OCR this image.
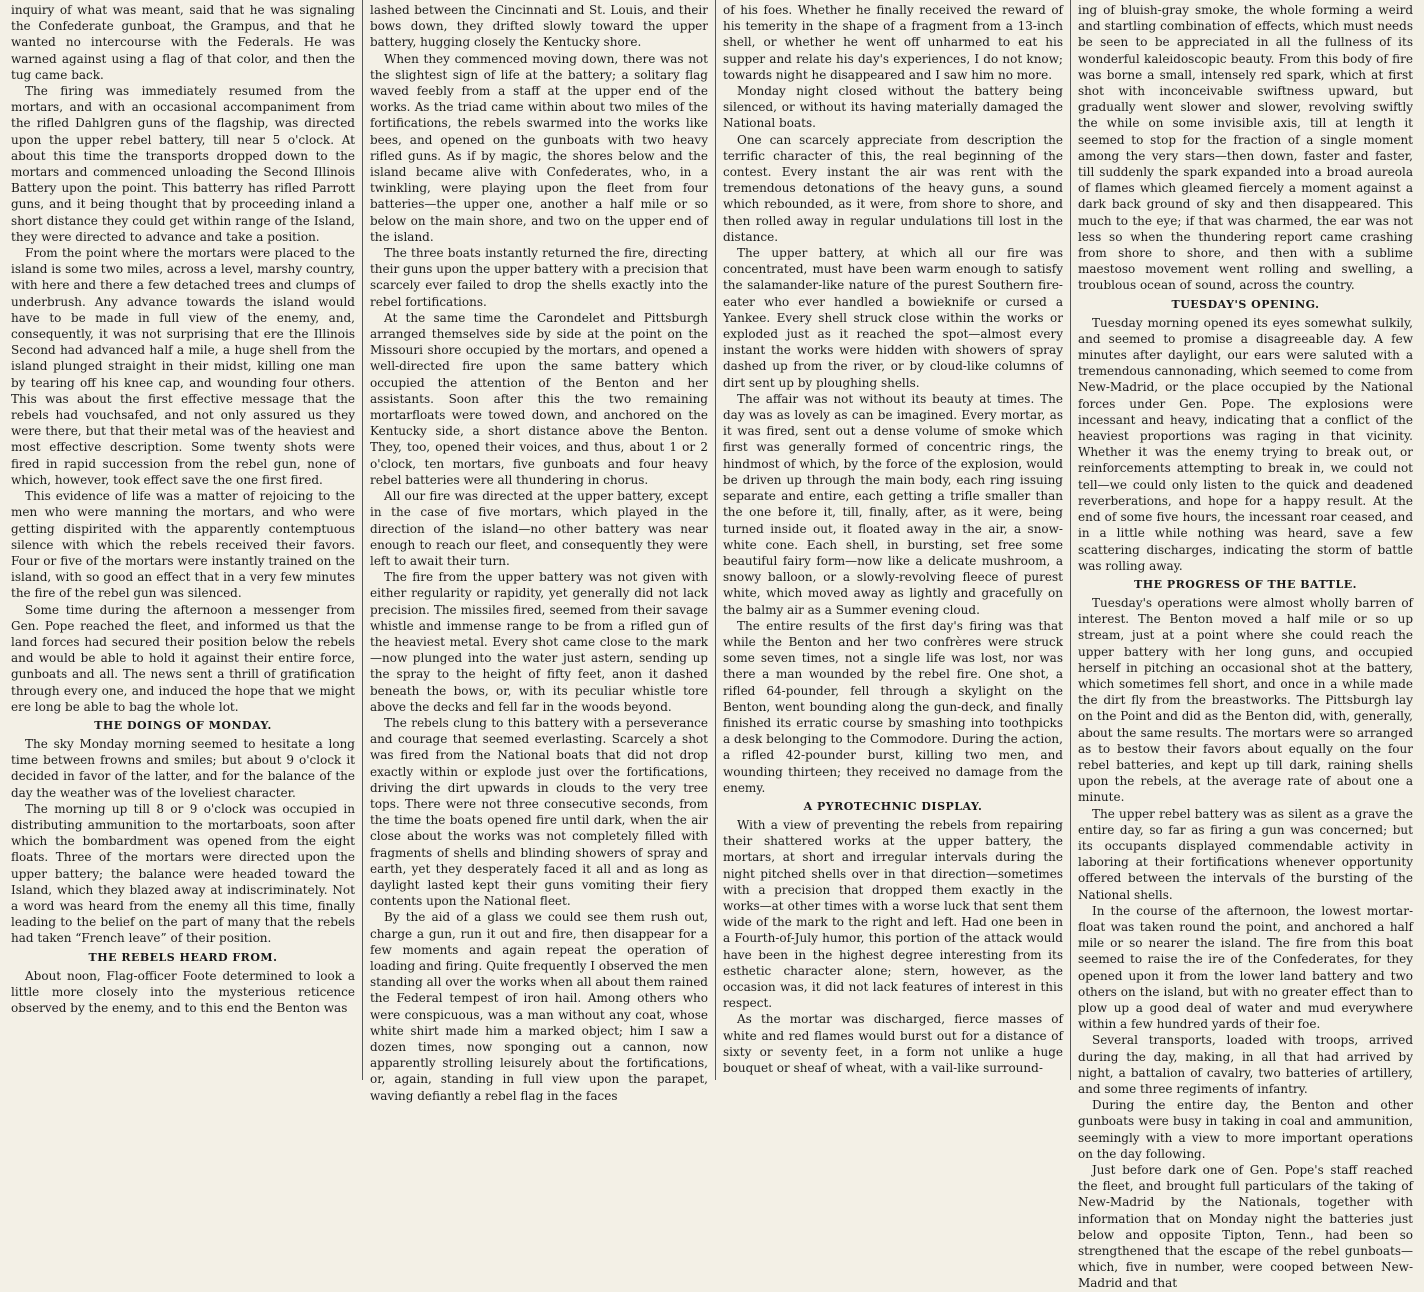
inquiry of what was meant, said that he was signaling the Confederate gunboat, the Grampus, and that he wanted no intercourse with the Federals. He was warned against using a flag of that color, and then the tug came back.

The firing was immediately resumed from the mortars, and with an occasional accompaniment from the rifled Dahlgren guns of the flagship, was directed upon the upper rebel battery, till near 5 o'clock. At about this time the transports dropped down to the mortars and commenced unloading the Second Illinois Battery upon the point. This batterry has rifled Parrott guns, and it being thought that by proceeding inland a short distance they could get within range of the Island, they were directed to advance and take a position.

From the point where the mortars were placed to the island is some two miles, across a level, marshy country, with here and there a few detached trees and clumps of underbrush. Any advance towards the island would have to be made in full view of the enemy, and, consequently, it was not surprising that ere the Illinois Second had advanced half a mile, a huge shell from the island plunged straight in their midst, killing one man by tearing off his knee cap, and wounding four others. This was about the first effective message that the rebels had vouchsafed, and not only assured us they were there, but that their metal was of the heaviest and most effective description. Some twenty shots were fired in rapid succession from the rebel gun, none of which, however, took effect save the one first fired.

This evidence of life was a matter of rejoicing to the men who were manning the mortars, and who were getting dispirited with the apparently contemptuous silence with which the rebels received their favors. Four or five of the mortars were instantly trained on the island, with so good an effect that in a very few minutes the fire of the rebel gun was silenced.

Some time during the afternoon a messenger from Gen. Pope reached the fleet, and informed us that the land forces had secured their position below the rebels and would be able to hold it against their entire force, gunboats and all. The news sent a thrill of gratification through every one, and induced the hope that we might ere long be able to bag the whole lot.

THE DOINGS OF MONDAY.

The sky Monday morning seemed to hesitate a long time between frowns and smiles; but about 9 o'clock it decided in favor of the latter, and for the balance of the day the weather was of the loveliest character.

The morning up till 8 or 9 o'clock was occupied in distributing ammunition to the mortarboats, soon after which the bombardment was opened from the eight floats. Three of the mortars were directed upon the upper battery; the balance were headed toward the Island, which they blazed away at indiscriminately. Not a word was heard from the enemy all this time, finally leading to the belief on the part of many that the rebels had taken “French leave” of their position.

THE REBELS HEARD FROM.

About noon, Flag-officer Foote determined to look a little more closely into the mysterious reticence observed by the enemy, and to this end the Benton was

lashed between the Cincinnati and St. Louis, and their bows down, they drifted slowly toward the upper battery, hugging closely the Kentucky shore.

When they commenced moving down, there was not the slightest sign of life at the battery; a solitary flag waved feebly from a staff at the upper end of the works. As the triad came within about two miles of the fortifications, the rebels swarmed into the works like bees, and opened on the gunboats with two heavy rifled guns. As if by magic, the shores below and the island became alive with Confederates, who, in a twinkling, were playing upon the fleet from four batteries—the upper one, another a half mile or so below on the main shore, and two on the upper end of the island.

The three boats instantly returned the fire, directing their guns upon the upper battery with a precision that scarcely ever failed to drop the shells exactly into the rebel fortifications.

At the same time the Carondelet and Pittsburgh arranged themselves side by side at the point on the Missouri shore occupied by the mortars, and opened a well-directed fire upon the same battery which occupied the attention of the Benton and her assistants. Soon after this the two remaining mortarfloats were towed down, and anchored on the Kentucky side, a short distance above the Benton. They, too, opened their voices, and thus, about 1 or 2 o'clock, ten mortars, five gunboats and four heavy rebel batteries were all thundering in chorus.

All our fire was directed at the upper battery, except in the case of five mortars, which played in the direction of the island—no other battery was near enough to reach our fleet, and consequently they were left to await their turn.

The fire from the upper battery was not given with either regularity or rapidity, yet generally did not lack precision. The missiles fired, seemed from their savage whistle and immense range to be from a rifled gun of the heaviest metal. Every shot came close to the mark—now plunged into the water just astern, sending up the spray to the height of fifty feet, anon it dashed beneath the bows, or, with its peculiar whistle tore above the decks and fell far in the woods beyond.

The rebels clung to this battery with a perseverance and courage that seemed everlasting. Scarcely a shot was fired from the National boats that did not drop exactly within or explode just over the fortifications, driving the dirt upwards in clouds to the very tree tops. There were not three consecutive seconds, from the time the boats opened fire until dark, when the air close about the works was not completely filled with fragments of shells and blinding showers of spray and earth, yet they desperately faced it all and as long as daylight lasted kept their guns vomiting their fiery contents upon the National fleet.

By the aid of a glass we could see them rush out, charge a gun, run it out and fire, then disappear for a few moments and again repeat the operation of loading and firing. Quite frequently I observed the men standing all over the works when all about them rained the Federal tempest of iron hail. Among others who were conspicuous, was a man without any coat, whose white shirt made him a marked object; him I saw a dozen times, now sponging out a cannon, now apparently strolling leisurely about the fortifications, or, again, standing in full view upon the parapet, waving defiantly a rebel flag in the faces

of his foes. Whether he finally received the reward of his temerity in the shape of a fragment from a 13-inch shell, or whether he went off unharmed to eat his supper and relate his day's experiences, I do not know; towards night he disappeared and I saw him no more.

Monday night closed without the battery being silenced, or without its having materially damaged the National boats.

One can scarcely appreciate from description the terrific character of this, the real beginning of the contest. Every instant the air was rent with the tremendous detonations of the heavy guns, a sound which rebounded, as it were, from shore to shore, and then rolled away in regular undulations till lost in the distance.

The upper battery, at which all our fire was concentrated, must have been warm enough to satisfy the salamander-like nature of the purest Southern fire-eater who ever handled a bowieknife or cursed a Yankee. Every shell struck close within the works or exploded just as it reached the spot—almost every instant the works were hidden with showers of spray dashed up from the river, or by cloud-like columns of dirt sent up by ploughing shells.

The affair was not without its beauty at times. The day was as lovely as can be imagined. Every mortar, as it was fired, sent out a dense volume of smoke which first was generally formed of concentric rings, the hindmost of which, by the force of the explosion, would be driven up through the main body, each ring issuing separate and entire, each getting a trifle smaller than the one before it, till, finally, after, as it were, being turned inside out, it floated away in the air, a snow-white cone. Each shell, in bursting, set free some beautiful fairy form—now like a delicate mushroom, a snowy balloon, or a slowly-revolving fleece of purest white, which moved away as lightly and gracefully on the balmy air as a Summer evening cloud.

The entire results of the first day's firing was that while the Benton and her two confrères were struck some seven times, not a single life was lost, nor was there a man wounded by the rebel fire. One shot, a rifled 64-pounder, fell through a skylight on the Benton, went bounding along the gun-deck, and finally finished its erratic course by smashing into toothpicks a desk belonging to the Commodore. During the action, a rifled 42-pounder burst, killing two men, and wounding thirteen; they received no damage from the enemy.

A PYROTECHNIC DISPLAY.

With a view of preventing the rebels from repairing their shattered works at the upper battery, the mortars, at short and irregular intervals during the night pitched shells over in that direction—sometimes with a precision that dropped them exactly in the works—at other times with a worse luck that sent them wide of the mark to the right and left. Had one been in a Fourth-of-July humor, this portion of the attack would have been in the highest degree interesting from its esthetic character alone; stern, however, as the occasion was, it did not lack features of interest in this respect.

As the mortar was discharged, fierce masses of white and red flames would burst out for a distance of sixty or seventy feet, in a form not unlike a huge bouquet or sheaf of wheat, with a vail-like surround-

ing of bluish-gray smoke, the whole forming a weird and startling combination of effects, which must needs be seen to be appreciated in all the fullness of its wonderful kaleidoscopic beauty. From this body of fire was borne a small, intensely red spark, which at first shot with inconceivable swiftness upward, but gradually went slower and slower, revolving swiftly the while on some invisible axis, till at length it seemed to stop for the fraction of a single moment among the very stars—then down, faster and faster, till suddenly the spark expanded into a broad aureola of flames which gleamed fiercely a moment against a dark back ground of sky and then disappeared. This much to the eye; if that was charmed, the ear was not less so when the thundering report came crashing from shore to shore, and then with a sublime maestoso movement went rolling and swelling, a troublous ocean of sound, across the country.

TUESDAY'S OPENING.

Tuesday morning opened its eyes somewhat sulkily, and seemed to promise a disagreeable day. A few minutes after daylight, our ears were saluted with a tremendous cannonading, which seemed to come from New-Madrid, or the place occupied by the National forces under Gen. Pope. The explosions were incessant and heavy, indicating that a conflict of the heaviest proportions was raging in that vicinity. Whether it was the enemy trying to break out, or reinforcements attempting to break in, we could not tell—we could only listen to the quick and deadened reverberations, and hope for a happy result. At the end of some five hours, the incessant roar ceased, and in a little while nothing was heard, save a few scattering discharges, indicating the storm of battle was rolling away.

THE PROGRESS OF THE BATTLE.

Tuesday's operations were almost wholly barren of interest. The Benton moved a half mile or so up stream, just at a point where she could reach the upper battery with her long guns, and occupied herself in pitching an occasional shot at the battery, which sometimes fell short, and once in a while made the dirt fly from the breastworks. The Pittsburgh lay on the Point and did as the Benton did, with, generally, about the same results. The mortars were so arranged as to bestow their favors about equally on the four rebel batteries, and kept up till dark, raining shells upon the rebels, at the average rate of about one a minute.

The upper rebel battery was as silent as a grave the entire day, so far as firing a gun was concerned; but its occupants displayed commendable activity in laboring at their fortifications whenever opportunity offered between the intervals of the bursting of the National shells.

In the course of the afternoon, the lowest mortar-float was taken round the point, and anchored a half mile or so nearer the island. The fire from this boat seemed to raise the ire of the Confederates, for they opened upon it from the lower land battery and two others on the island, but with no greater effect than to plow up a good deal of water and mud everywhere within a few hundred yards of their foe.

Several transports, loaded with troops, arrived during the day, making, in all that had arrived by night, a battalion of cavalry, two batteries of artillery, and some three regiments of infantry.

During the entire day, the Benton and other gunboats were busy in taking in coal and ammunition, seemingly with a view to more important operations on the day following.

Just before dark one of Gen. Pope's staff reached the fleet, and brought full particulars of the taking of New-Madrid by the Nationals, together with information that on Monday night the batteries just below and opposite Tipton, Tenn., had been so strengthened that the escape of the rebel gunboats—which, five in number, were cooped between New-Madrid and that
